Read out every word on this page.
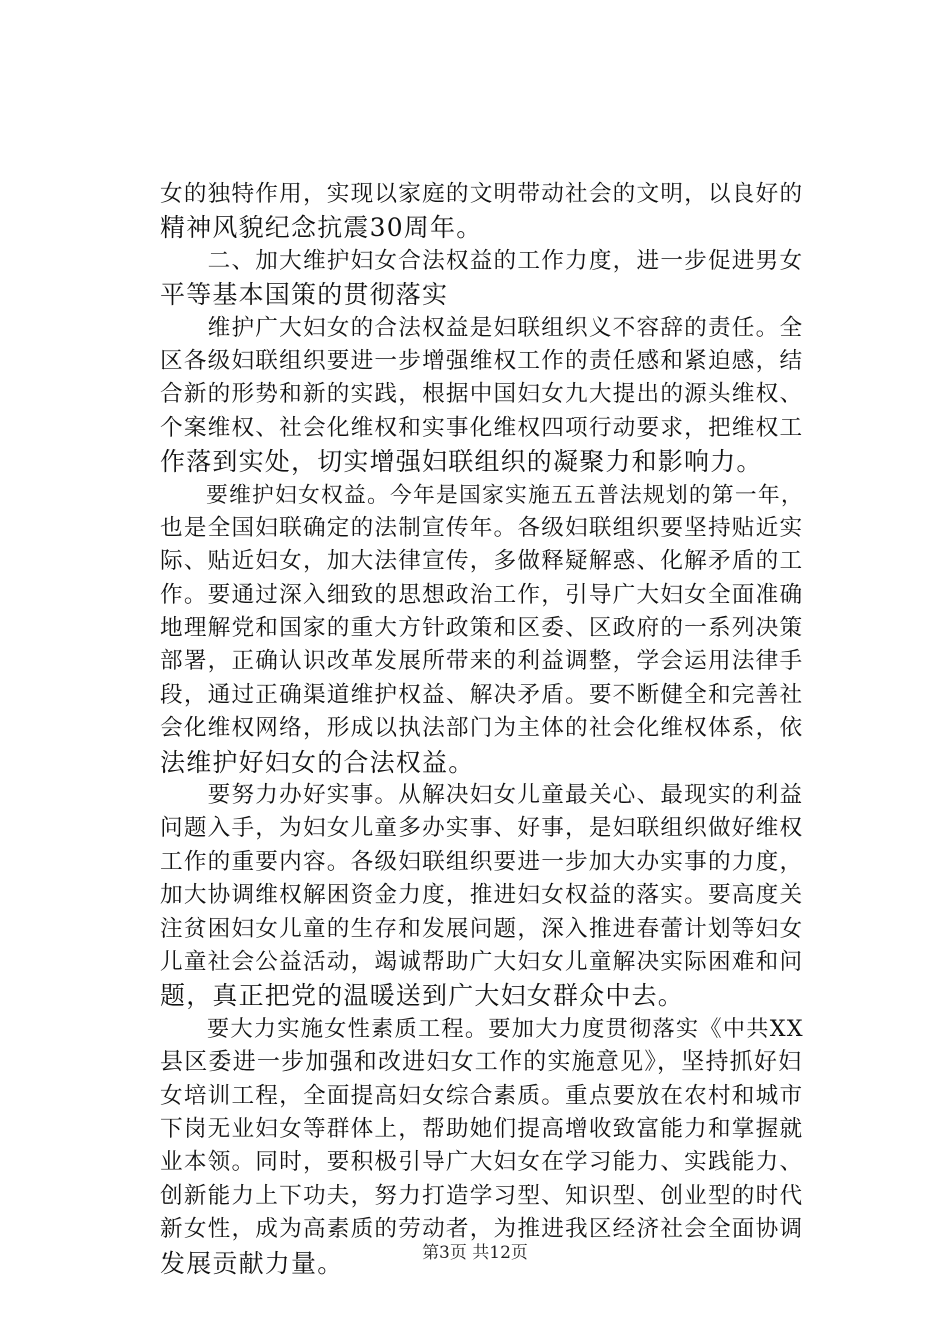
女的独特作用，实现以家庭的文明带动社会的文明，以良好的
精神风貌纪念抗震30周年。
　　二、加大维护妇女合法权益的工作力度，进一步促进男女
平等基本国策的贯彻落实
　　维护广大妇女的合法权益是妇联组织义不容辞的责任。全
区各级妇联组织要进一步增强维权工作的责任感和紧迫感，结
合新的形势和新的实践，根据中国妇女九大提出的源头维权、
个案维权、社会化维权和实事化维权四项行动要求，把维权工
作落到实处，切实增强妇联组织的凝聚力和影响力。
　　要维护妇女权益。今年是国家实施五五普法规划的第一年，
也是全国妇联确定的法制宣传年。各级妇联组织要坚持贴近实
际、贴近妇女，加大法律宣传，多做释疑解惑、化解矛盾的工
作。要通过深入细致的思想政治工作，引导广大妇女全面准确
地理解党和国家的重大方针政策和区委、区政府的一系列决策
部署，正确认识改革发展所带来的利益调整，学会运用法律手
段，通过正确渠道维护权益、解决矛盾。要不断健全和完善社
会化维权网络，形成以执法部门为主体的社会化维权体系，依
法维护好妇女的合法权益。
　　要努力办好实事。从解决妇女儿童最关心、最现实的利益
问题入手，为妇女儿童多办实事、好事，是妇联组织做好维权
工作的重要内容。各级妇联组织要进一步加大办实事的力度，
加大协调维权解困资金力度，推进妇女权益的落实。要高度关
注贫困妇女儿童的生存和发展问题，深入推进春蕾计划等妇女
儿童社会公益活动，竭诚帮助广大妇女儿童解决实际困难和问
题，真正把党的温暖送到广大妇女群众中去。
　　要大力实施女性素质工程。要加大力度贯彻落实《中共XX
县区委进一步加强和改进妇女工作的实施意见》，坚持抓好妇
女培训工程，全面提高妇女综合素质。重点要放在农村和城市
下岗无业妇女等群体上，帮助她们提高增收致富能力和掌握就
业本领。同时，要积极引导广大妇女在学习能力、实践能力、
创新能力上下功夫，努力打造学习型、知识型、创业型的时代
新女性，成为高素质的劳动者，为推进我区经济社会全面协调
发展贡献力量。	第3页 共12页
